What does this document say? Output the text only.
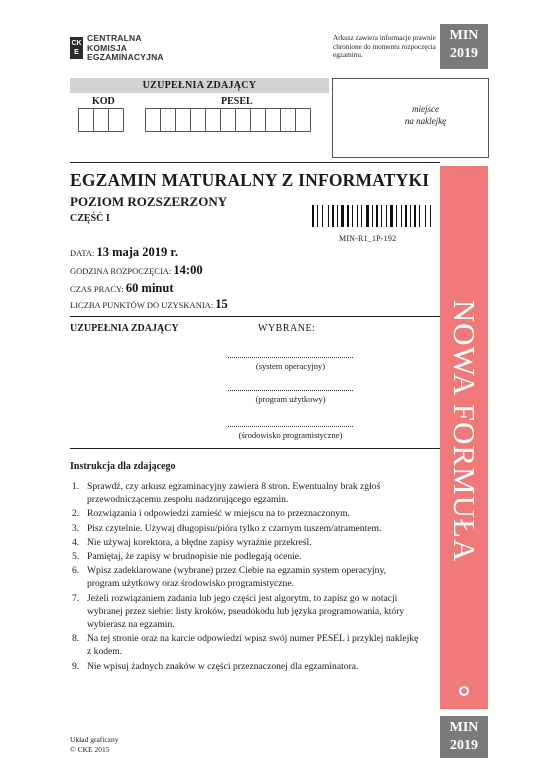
CK
E
CENTRALNA
KOMISJA
EGZAMINACYJNA
Arkusz zawiera informacje prawnie chronione do momentu rozpoczęcia egzaminu.
MIN
2019
UZUPEŁNIA ZDAJĄCY
KOD	PESEL
miejsce
na naklejkę
NOWA FORMUŁA
EGZAMIN MATURALNY Z INFORMATYKI
POZIOM ROZSZERZONY
CZĘŚĆ I
MIN-R1_1P-192
DATA: 13 maja 2019 r.
GODZINA ROZPOCZĘCIA: 14:00
CZAS PRACY: 60 minut
LICZBA PUNKTÓW DO UZYSKANIA: 15
UZUPEŁNIA ZDAJĄCY	WYBRANE:
(system operacyjny)
(program użytkowy)
(środowisko programistyczne)
Instrukcja dla zdającego
1. Sprawdź, czy arkusz egzaminacyjny zawiera 8 stron. Ewentualny brak zgłoś przewodniczącemu zespołu nadzorującego egzamin.
2. Rozwiązania i odpowiedzi zamieść w miejscu na to przeznaczonym.
3. Pisz czytelnie. Używaj długopisu/pióra tylko z czarnym tuszem/atramentem.
4. Nie używaj korektora, a błędne zapisy wyraźnie przekreśl.
5. Pamiętaj, że zapisy w brudnopisie nie podlegają ocenie.
6. Wpisz zadeklarowane (wybrane) przez Ciebie na egzamin system operacyjny, program użytkowy oraz środowisko programistyczne.
7. Jeżeli rozwiązaniem zadania lub jego części jest algorytm, to zapisz go w notacji wybranej przez siebie: listy kroków, pseudokodu lub języka programowania, który wybierasz na egzamin.
8. Na tej stronie oraz na karcie odpowiedzi wpisz swój numer PESEL i przyklej naklejkę z kodem.
9. Nie wpisuj żadnych znaków w części przeznaczonej dla egzaminatora.
Układ graficzny
© CKE 2015
MIN
2019
